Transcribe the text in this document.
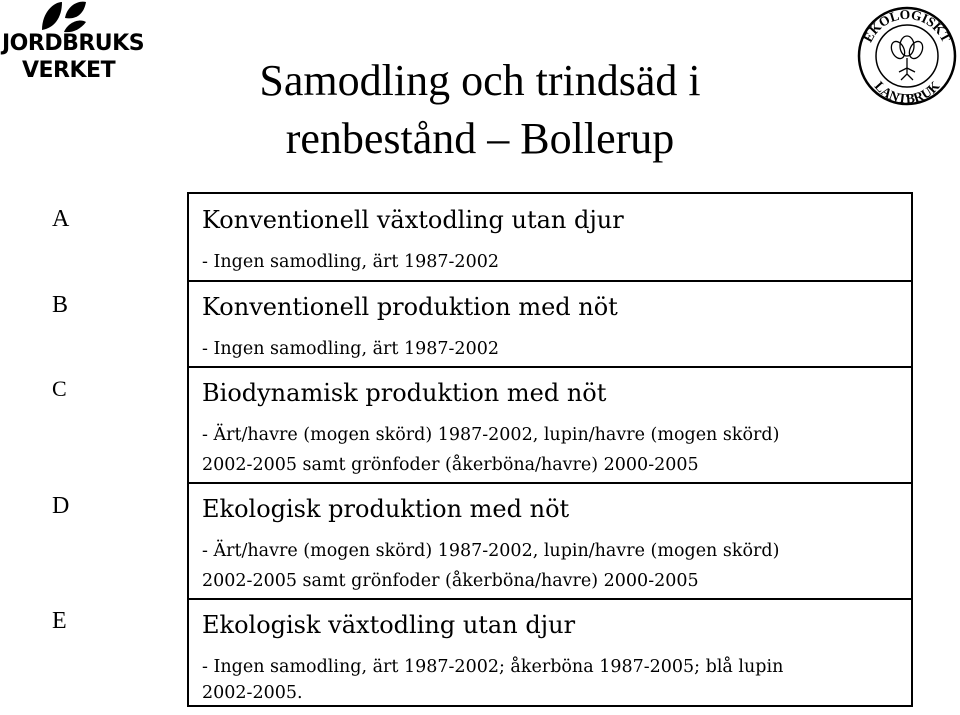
JORDBRUKS
VERKET
EKOLOGISKT
LANTBRUK
Samodling och trindsäd i
renbestånd – Bollerup
A
B
C
D
E
Konventionell växtodling utan djur
- Ingen samodling, ärt 1987-2002
Konventionell produktion med nöt
- Ingen samodling, ärt 1987-2002
Biodynamisk produktion med nöt
- Ärt/havre (mogen skörd) 1987-2002, lupin/havre (mogen skörd)
2002-2005 samt grönfoder (åkerböna/havre) 2000-2005
Ekologisk produktion med nöt
- Ärt/havre (mogen skörd) 1987-2002, lupin/havre (mogen skörd)
2002-2005 samt grönfoder (åkerböna/havre) 2000-2005
Ekologisk växtodling utan djur
- Ingen samodling, ärt 1987-2002; åkerböna 1987-2005; blå lupin
2002-2005.
